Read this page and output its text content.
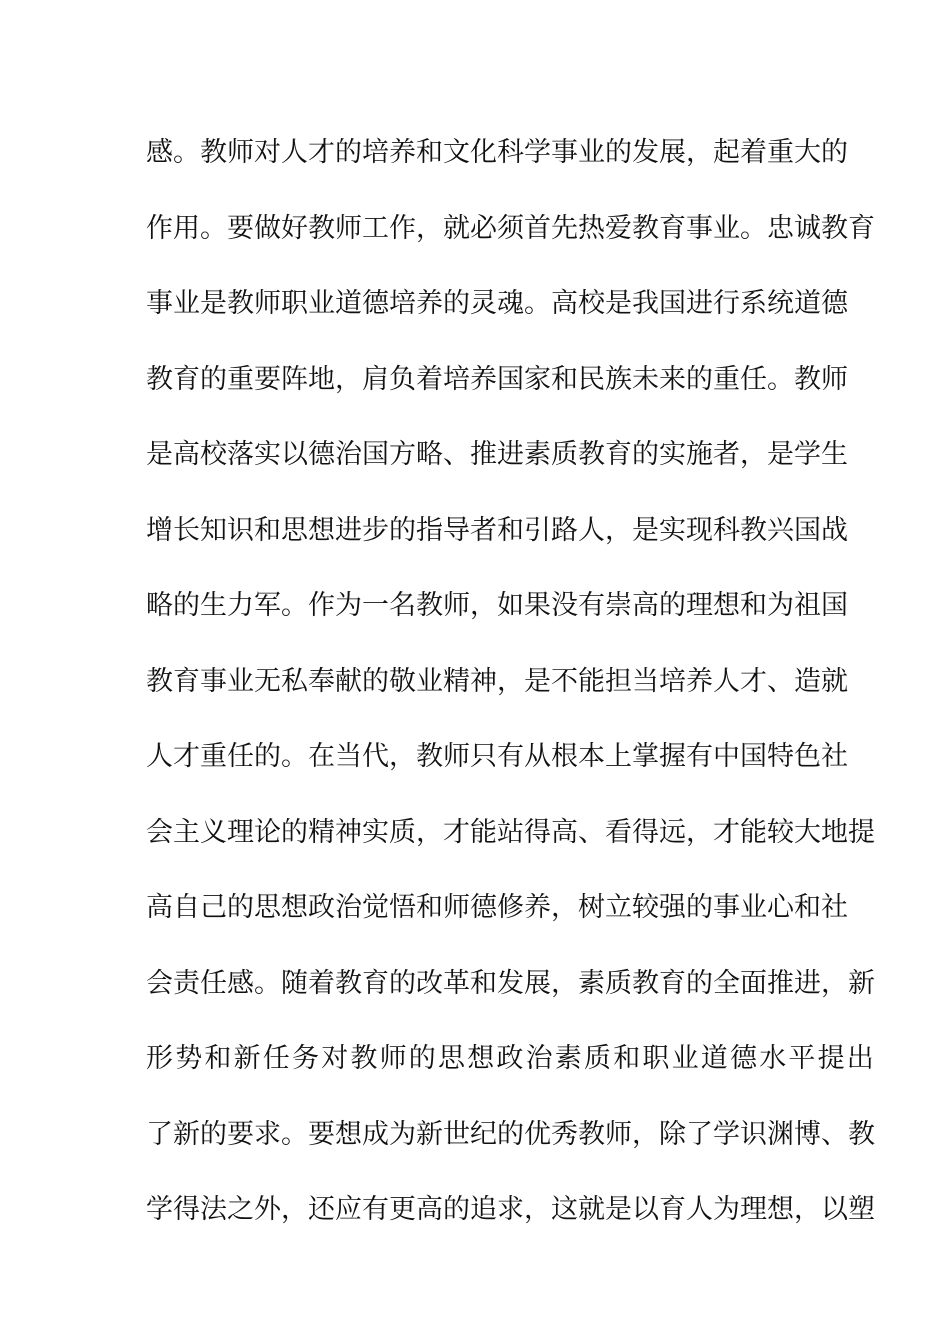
感。教师对人才的培养和文化科学事业的发展，起着重大的
作用。要做好教师工作，就必须首先热爱教育事业。忠诚教育
事业是教师职业道德培养的灵魂。高校是我国进行系统道德
教育的重要阵地，肩负着培养国家和民族未来的重任。教师
是高校落实以德治国方略、推进素质教育的实施者，是学生
增长知识和思想进步的指导者和引路人，是实现科教兴国战
略的生力军。作为一名教师，如果没有崇高的理想和为祖国
教育事业无私奉献的敬业精神，是不能担当培养人才、造就
人才重任的。在当代，教师只有从根本上掌握有中国特色社
会主义理论的精神实质，才能站得高、看得远，才能较大地提
高自己的思想政治觉悟和师德修养，树立较强的事业心和社
会责任感。随着教育的改革和发展，素质教育的全面推进，新
形势和新任务对教师的思想政治素质和职业道德水平提出
了新的要求。要想成为新世纪的优秀教师，除了学识渊博、教
学得法之外，还应有更高的追求，这就是以育人为理想，以塑
